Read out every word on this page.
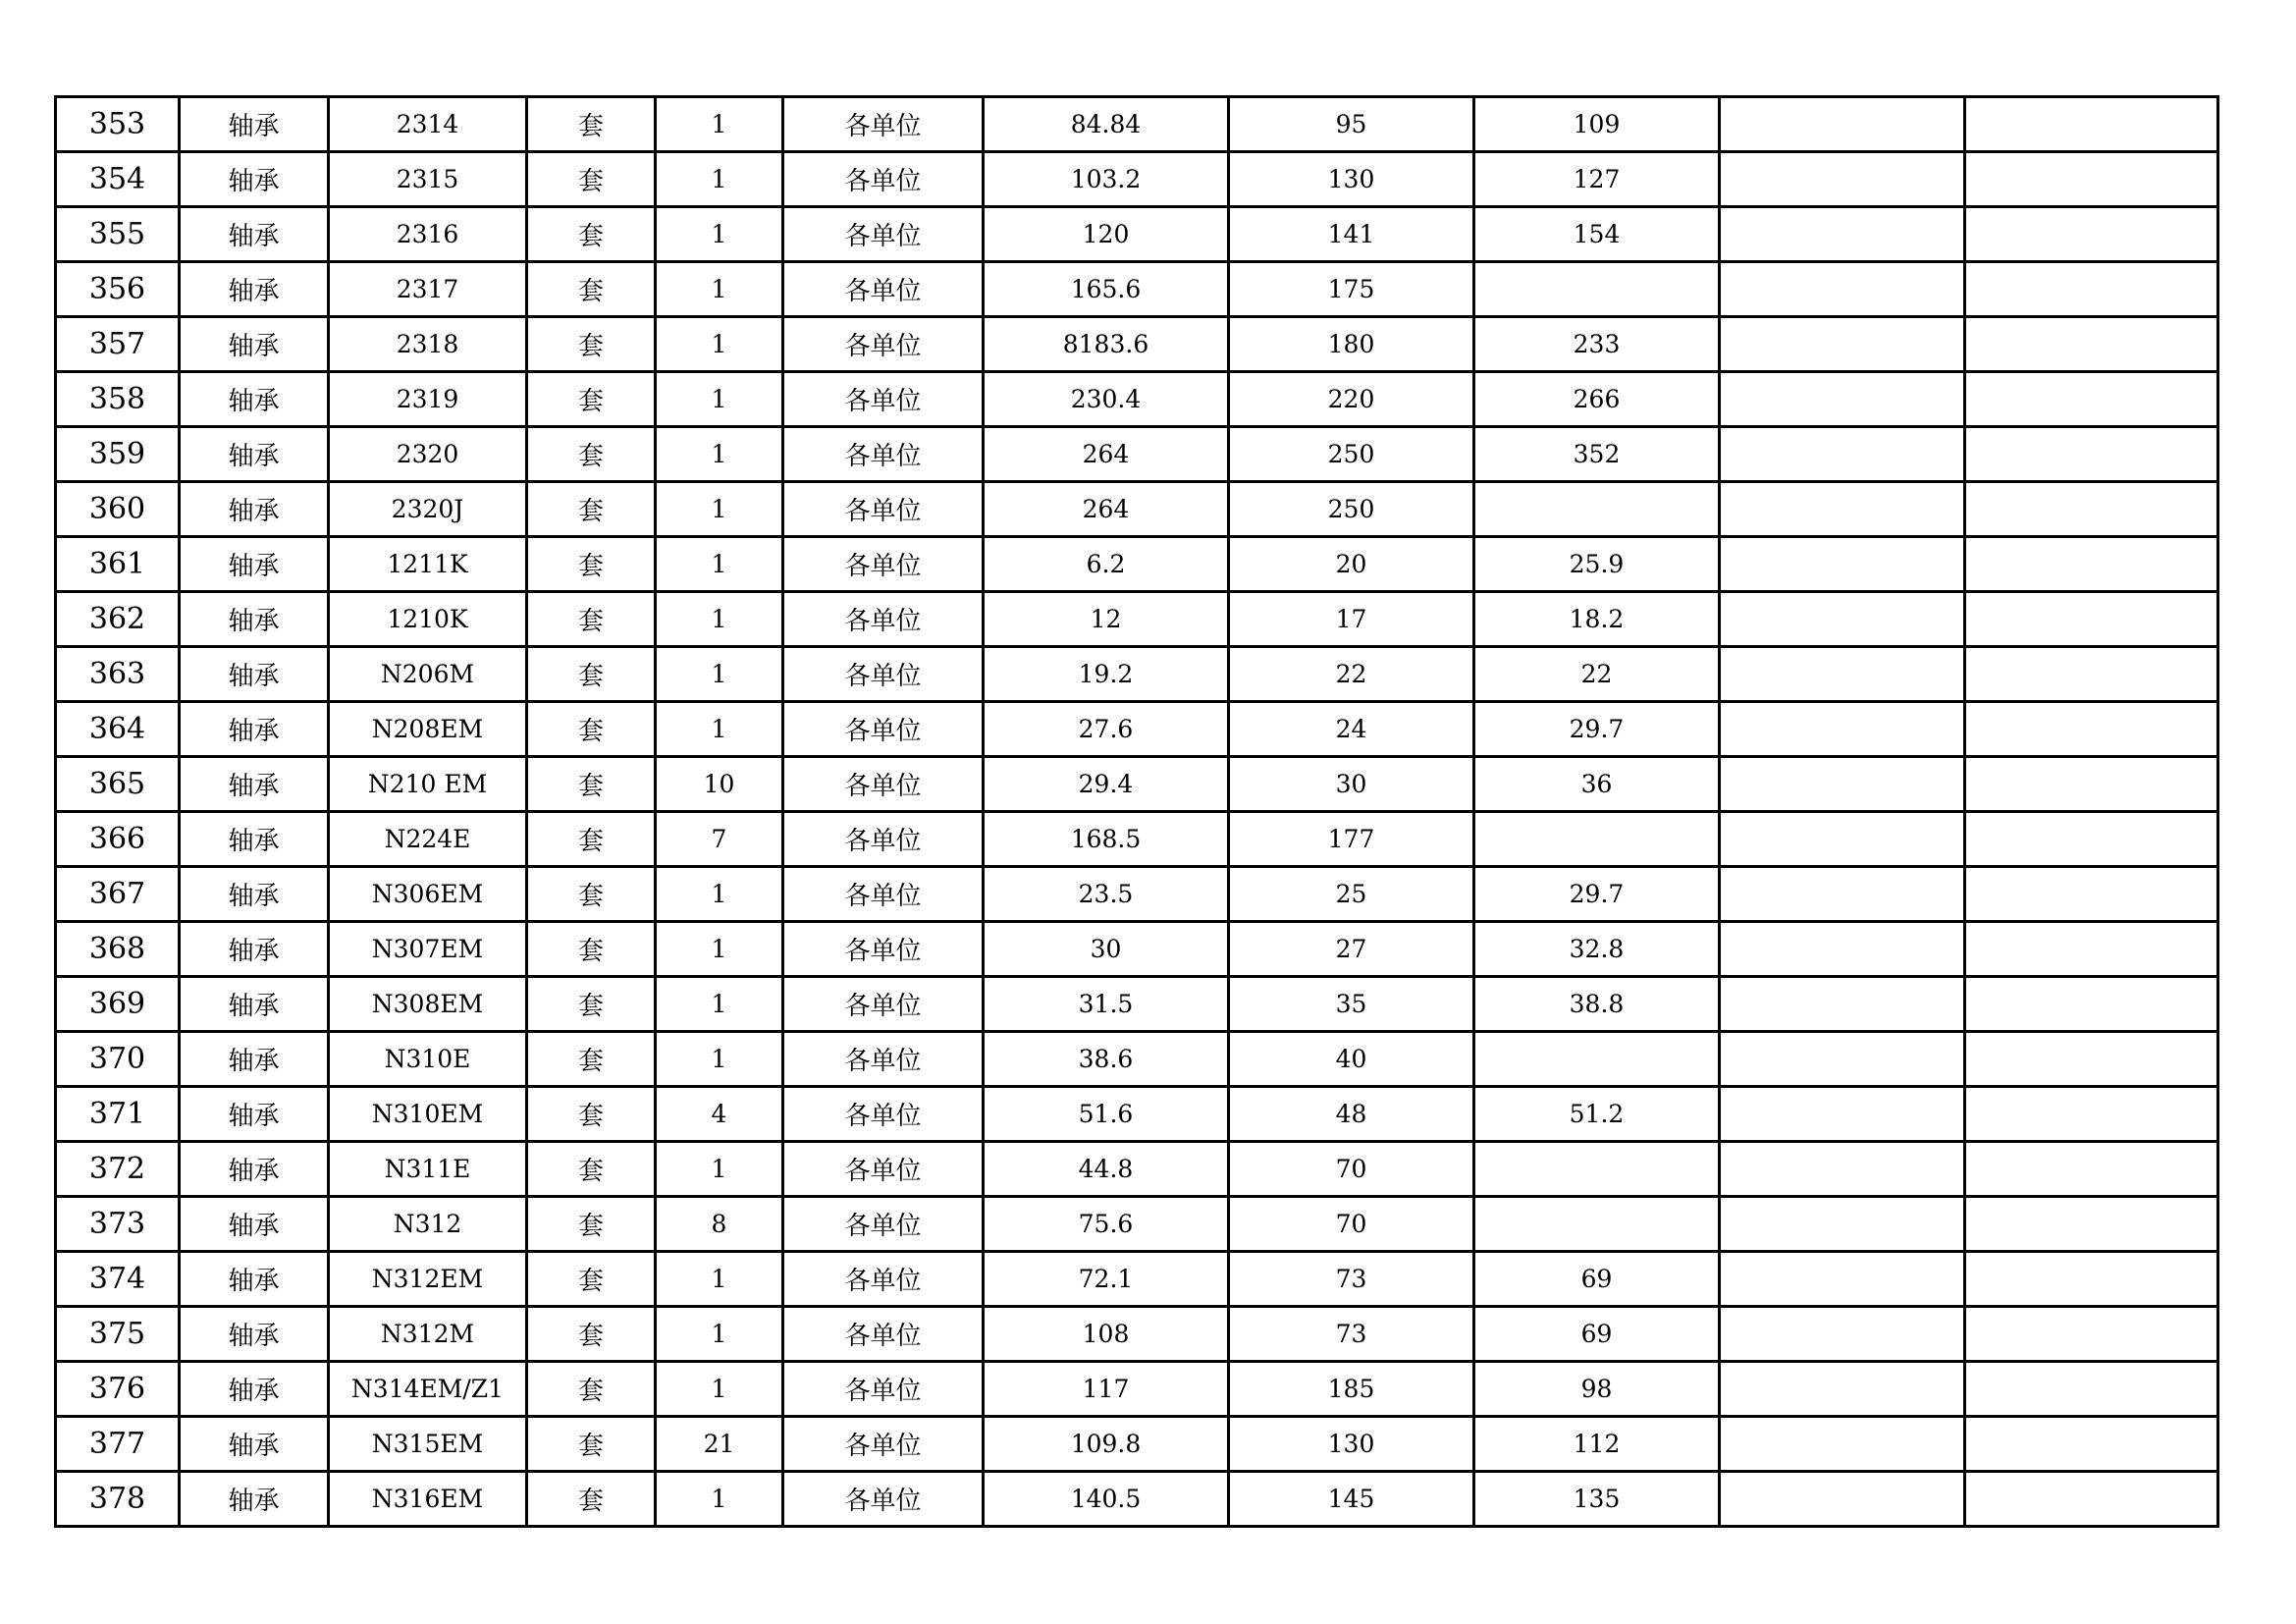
353	轴承	2314	套	1	各单位	84.84	95	109		
354	轴承	2315	套	1	各单位	103.2	130	127		
355	轴承	2316	套	1	各单位	120	141	154		
356	轴承	2317	套	1	各单位	165.6	175			
357	轴承	2318	套	1	各单位	8183.6	180	233		
358	轴承	2319	套	1	各单位	230.4	220	266		
359	轴承	2320	套	1	各单位	264	250	352		
360	轴承	2320J	套	1	各单位	264	250			
361	轴承	1211K	套	1	各单位	6.2	20	25.9		
362	轴承	1210K	套	1	各单位	12	17	18.2		
363	轴承	N206M	套	1	各单位	19.2	22	22		
364	轴承	N208EM	套	1	各单位	27.6	24	29.7		
365	轴承	N210 EM	套	10	各单位	29.4	30	36		
366	轴承	N224E	套	7	各单位	168.5	177			
367	轴承	N306EM	套	1	各单位	23.5	25	29.7		
368	轴承	N307EM	套	1	各单位	30	27	32.8		
369	轴承	N308EM	套	1	各单位	31.5	35	38.8		
370	轴承	N310E	套	1	各单位	38.6	40			
371	轴承	N310EM	套	4	各单位	51.6	48	51.2		
372	轴承	N311E	套	1	各单位	44.8	70			
373	轴承	N312	套	8	各单位	75.6	70			
374	轴承	N312EM	套	1	各单位	72.1	73	69		
375	轴承	N312M	套	1	各单位	108	73	69		
376	轴承	N314EM/Z1	套	1	各单位	117	185	98		
377	轴承	N315EM	套	21	各单位	109.8	130	112		
378	轴承	N316EM	套	1	各单位	140.5	145	135		
